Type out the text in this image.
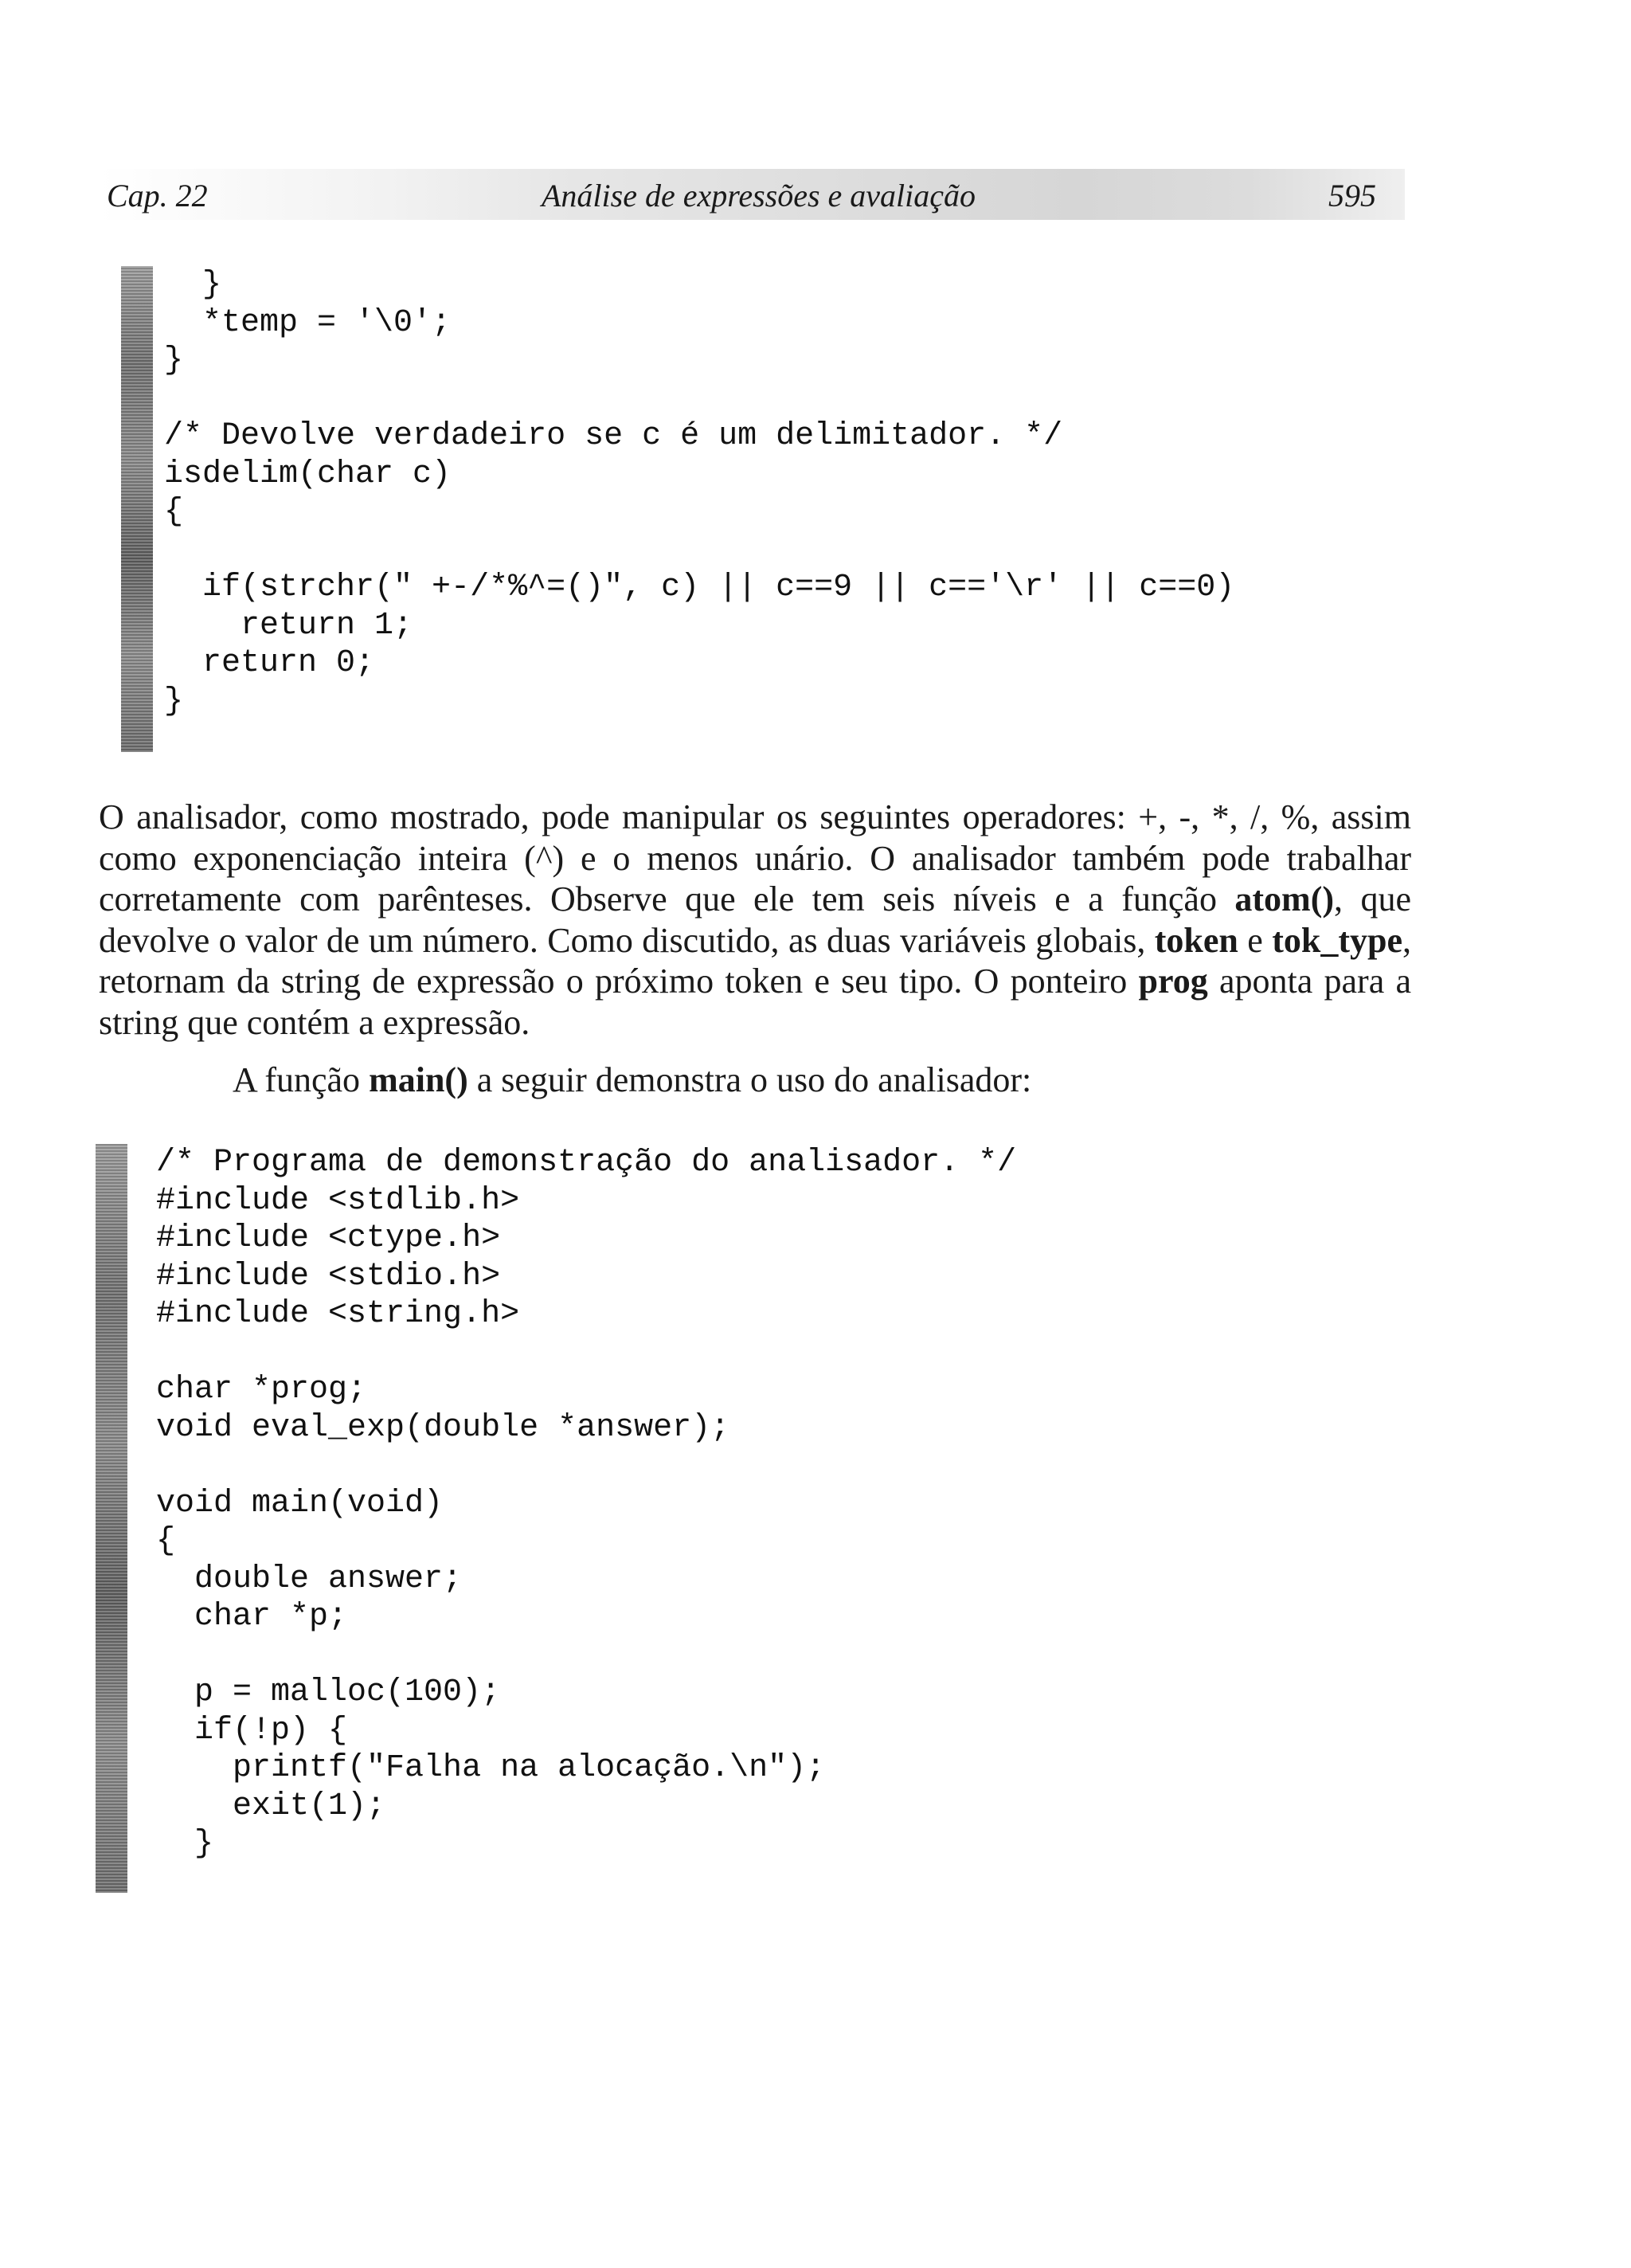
Cap. 22	Análise de expressões e avaliação	595
}
*temp = '\0';
}

/* Devolve verdadeiro se c é um delimitador. */
isdelim(char c)
{

if(strchr(" +-/*%^=()", c) || c==9 || c=='\r' || c==0)
return 1;
return 0;
}

O analisador, como mostrado, pode manipular os seguintes operadores: +, -, *, /, %, assim como exponenciação inteira (^) e o menos unário. O analisador também pode trabalhar corretamente com parênteses. Observe que ele tem seis níveis e a função atom(), que devolve o valor de um número. Como discutido, as duas variáveis globais, token e tok_type, retornam da string de expressão o próximo token e seu tipo. O ponteiro prog aponta para a string que contém a expressão.

A função main() a seguir demonstra o uso do analisador:

/* Programa de demonstração do analisador. */
#include <stdlib.h>
#include <ctype.h>
#include <stdio.h>
#include <string.h>

char *prog;
void eval_exp(double *answer);

void main(void)
{
double answer;
char *p;

p = malloc(100);
if(!p) {
printf("Falha na alocação.\n");
exit(1);
}
